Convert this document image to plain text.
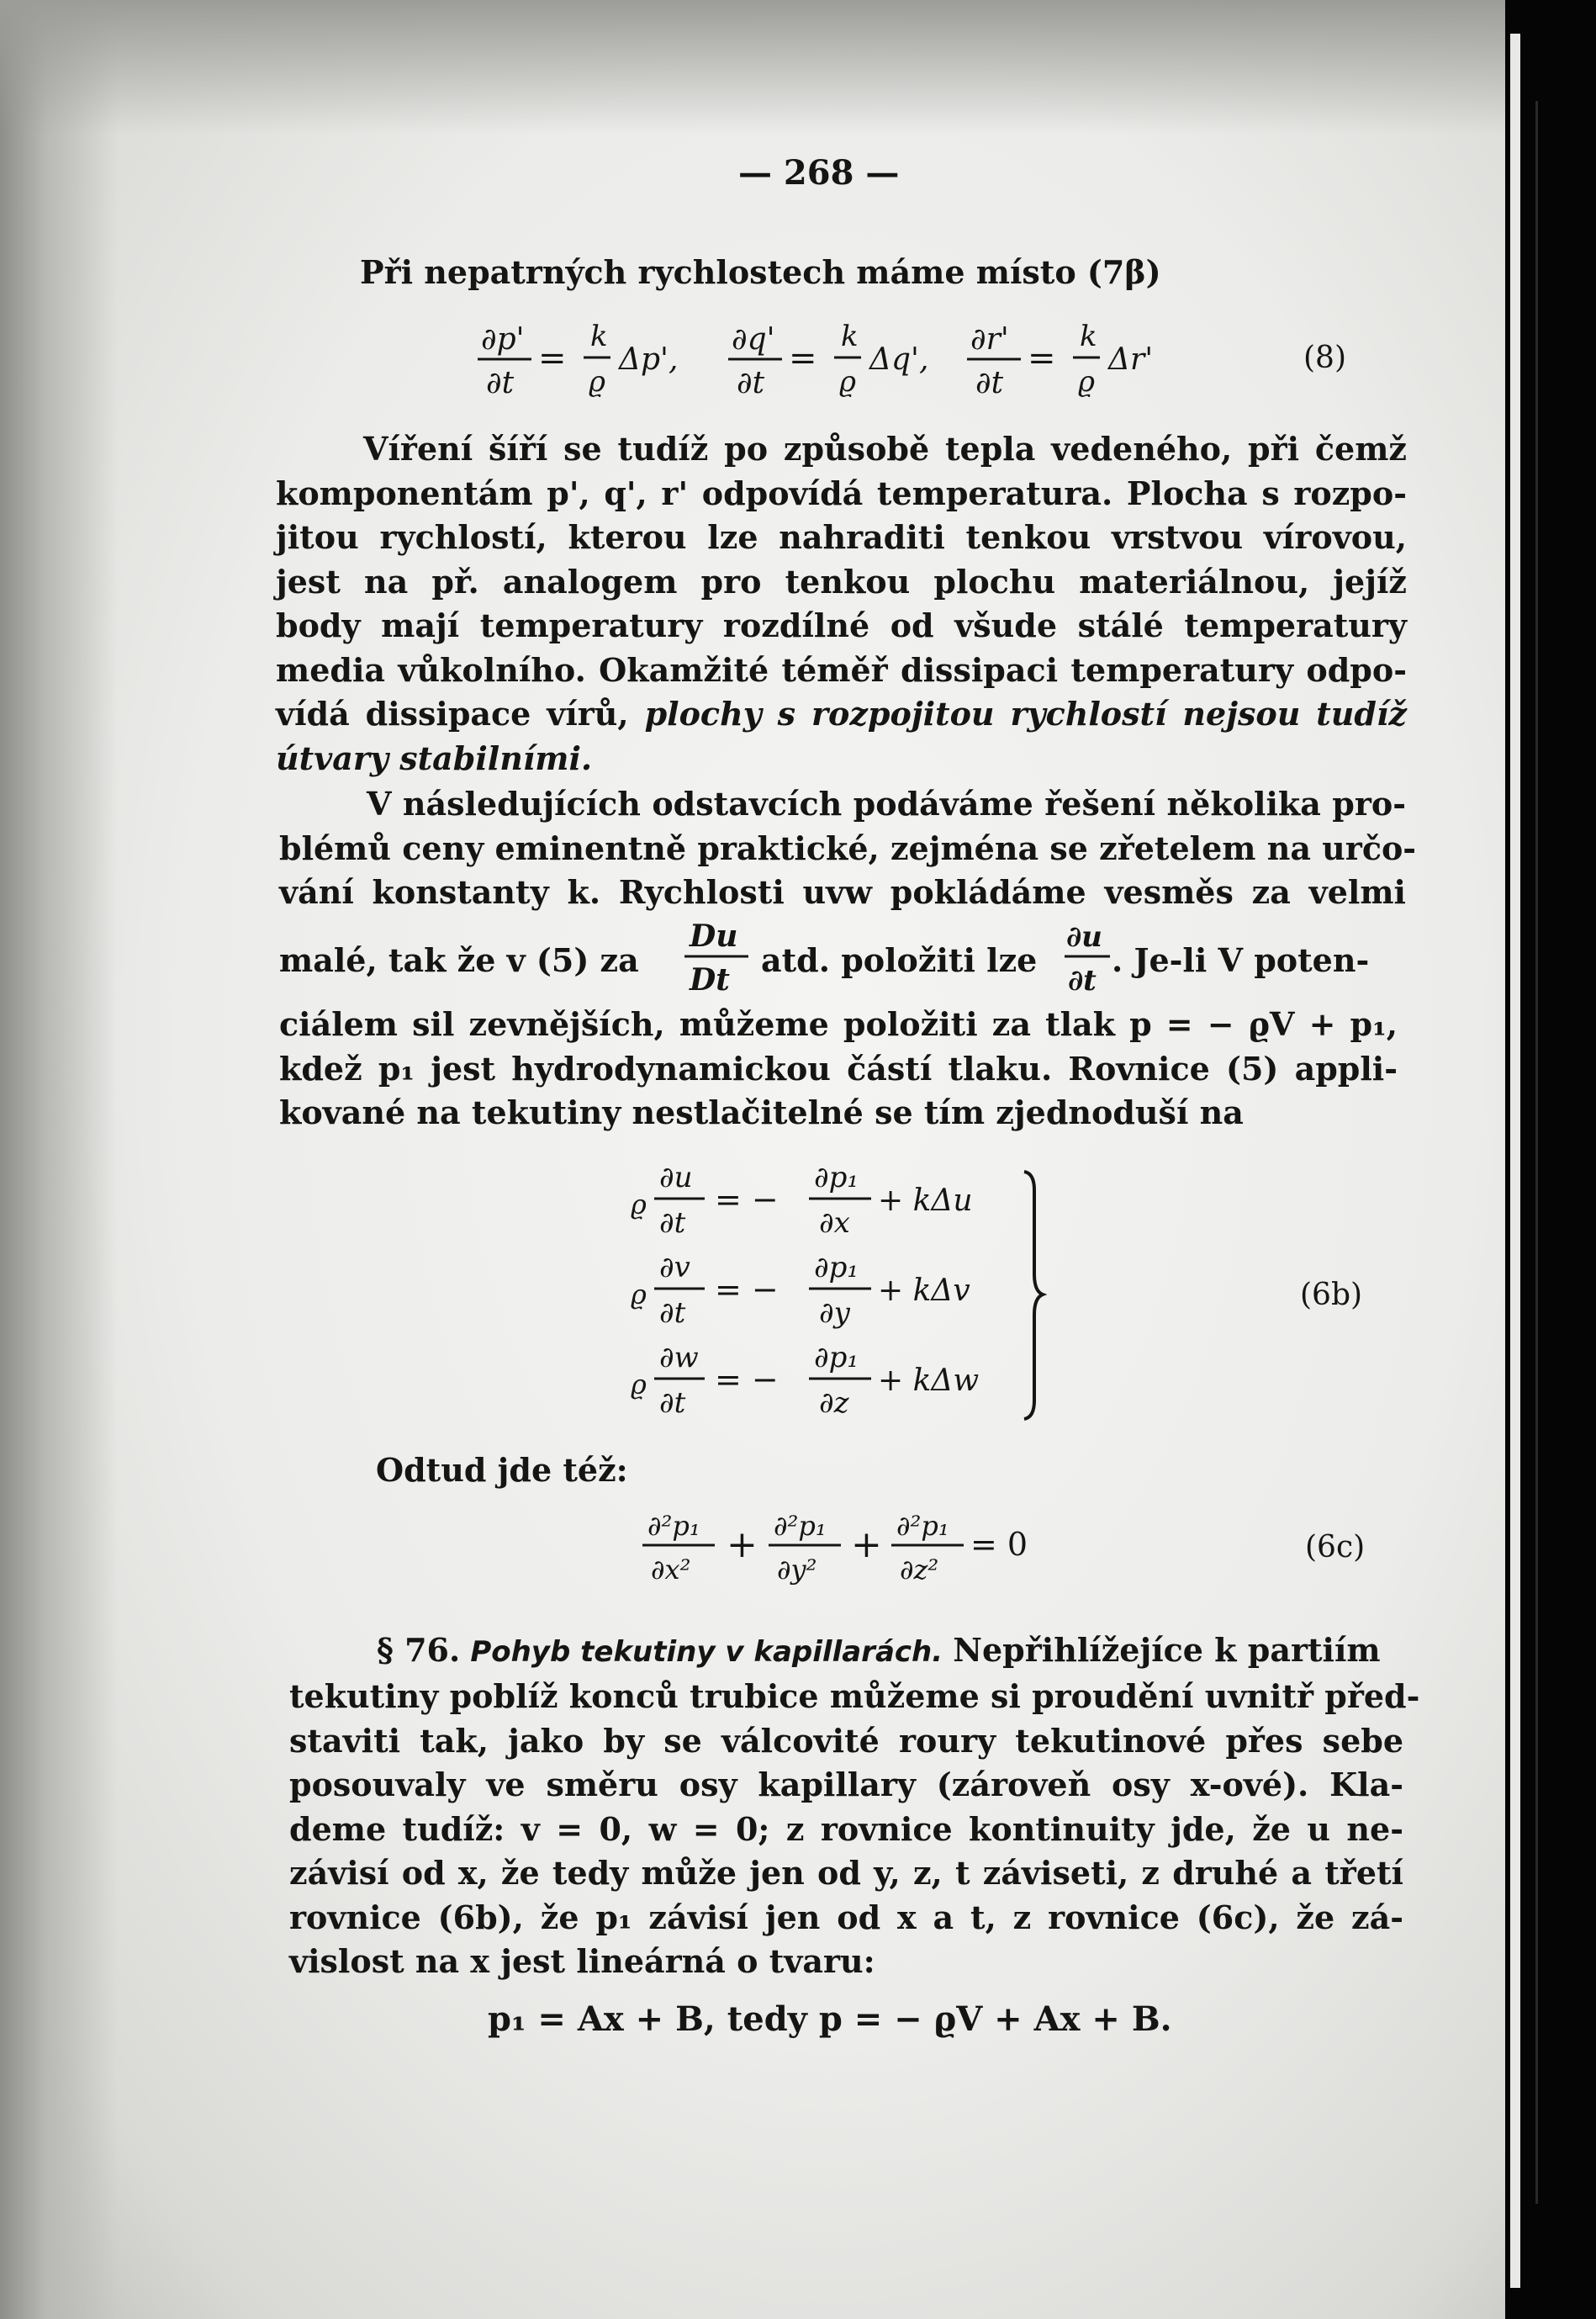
— 268 —
Při nepatrných rychlostech máme místo (7β)
∂p'
∂t
=
k
ϱ
Δp',
∂q'
∂t
=
k
ϱ
Δq',
∂r'
∂t
=
k
ϱ
Δr'	(8)
Víření šíří se tudíž po způsobě tepla vedeného, při čemž
komponentám p', q', r' odpovídá temperatura. Plocha s rozpo-
jitou rychlostí, kterou lze nahraditi tenkou vrstvou vírovou,
jest na př. analogem pro tenkou plochu materiálnou, jejíž
body mají temperatury rozdílné od všude stálé temperatury
media vůkolního. Okamžité téměř dissipaci temperatury odpo-
vídá dissipace vírů, plochy s rozpojitou rychlostí nejsou tudíž
útvary stabilními.
V následujících odstavcích podáváme řešení několika pro-
blémů ceny eminentně praktické, zejména se zřetelem na určo-
vání konstanty k. Rychlosti uvw pokládáme vesměs za velmi
malé, tak že v (5) za
Du
Dt
atd. položiti lze
∂u
∂t
. Je-li V poten-
ciálem sil zevnějších, můžeme položiti za tlak p = − ϱV + p₁,
kdež p₁ jest hydrodynamickou částí tlaku. Rovnice (5) appli-
kované na tekutiny nestlačitelné se tím zjednoduší na
ϱ
∂u
∂t
= −
∂p₁
∂x
+ kΔu
ϱ
∂v
∂t
= −
∂p₁
∂y
+ kΔv
ϱ
∂w
∂t
= −
∂p₁
∂z
+ kΔw
(6b)
Odtud jde též:
∂²p₁
∂x²
+ ∂²p₁
∂y²
+ ∂²p₁
∂z²
= 0	(6c)
§ 76. Pohyb tekutiny v kapillarách. Nepřihlížejíce k partiím
tekutiny poblíž konců trubice můžeme si proudění uvnitř před-
staviti tak, jako by se válcovité roury tekutinové přes sebe
posouvaly ve směru osy kapillary (zároveň osy x-ové). Kla-
deme tudíž: v = 0, w = 0; z rovnice kontinuity jde, že u ne-
závisí od x, že tedy může jen od y, z, t záviseti, z druhé a třetí
rovnice (6b), že p₁ závisí jen od x a t, z rovnice (6c), že zá-
vislost na x jest lineárná o tvaru:
p₁ = Ax + B, tedy p = − ϱV + Ax + B.
